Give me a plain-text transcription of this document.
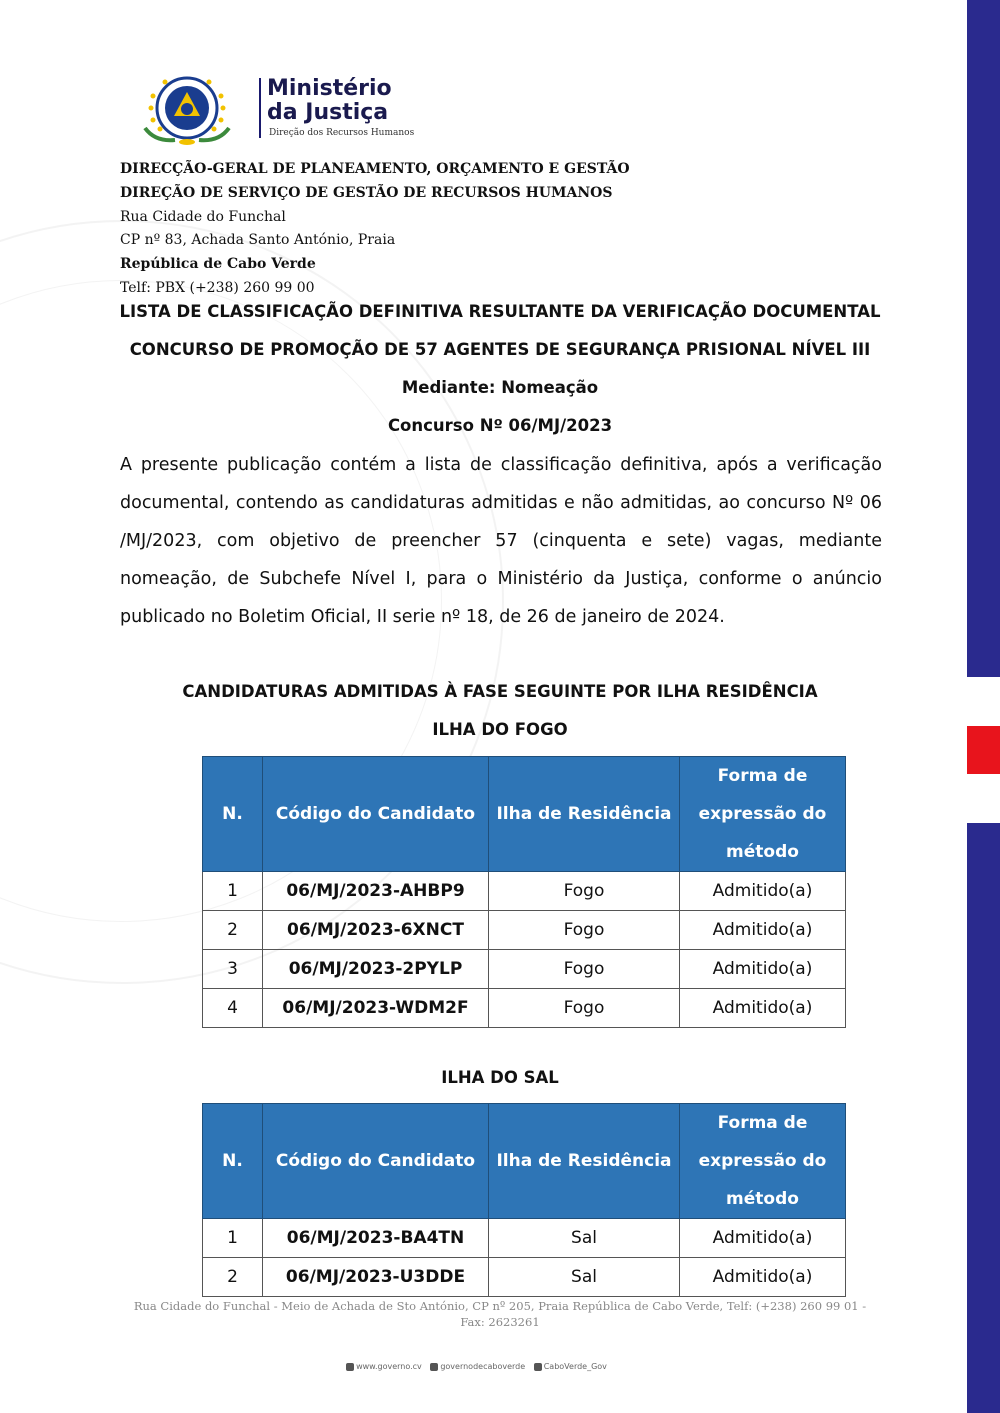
Ministério
da Justiça
Direção dos Recursos Humanos
DIRECÇÃO-GERAL DE PLANEAMENTO, ORÇAMENTO E GESTÃO
DIREÇÃO DE SERVIÇO DE GESTÃO DE RECURSOS HUMANOS
Rua Cidade do Funchal
CP nº 83, Achada Santo António, Praia
República de Cabo Verde
Telf: PBX (+238) 260 99 00
LISTA DE CLASSIFICAÇÃO DEFINITIVA RESULTANTE DA VERIFICAÇÃO DOCUMENTAL
CONCURSO DE PROMOÇÃO DE 57 AGENTES DE SEGURANÇA PRISIONAL NÍVEL III
Mediante: Nomeação
Concurso Nº 06/MJ/2023
A presente publicação contém a lista de classificação definitiva, após a verificação documental, contendo as candidaturas admitidas e não admitidas, ao concurso Nº 06 /MJ/2023, com objetivo de preencher 57 (cinquenta e sete) vagas, mediante nomeação, de Subchefe Nível I, para o Ministério da Justiça, conforme o anúncio publicado no Boletim Oficial, II serie nº 18, de 26 de janeiro de 2024.
CANDIDATURAS ADMITIDAS À FASE SEGUINTE POR ILHA RESIDÊNCIA
ILHA DO FOGO
N.	Código do Candidato	Ilha de Residência	Forma de expressão do método
1	06/MJ/2023-AHBP9	Fogo	Admitido(a)
2	06/MJ/2023-6XNCT	Fogo	Admitido(a)
3	06/MJ/2023-2PYLP	Fogo	Admitido(a)
4	06/MJ/2023-WDM2F	Fogo	Admitido(a)
ILHA DO SAL
N.	Código do Candidato	Ilha de Residência	Forma de expressão do método
1	06/MJ/2023-BA4TN	Sal	Admitido(a)
2	06/MJ/2023-U3DDE	Sal	Admitido(a)
Rua Cidade do Funchal - Meio de Achada de Sto António, CP nº 205, Praia República de Cabo Verde, Telf: (+238) 260 99 01 - Fax: 2623261
www.governo.cv governodecaboverde CaboVerde_Gov
